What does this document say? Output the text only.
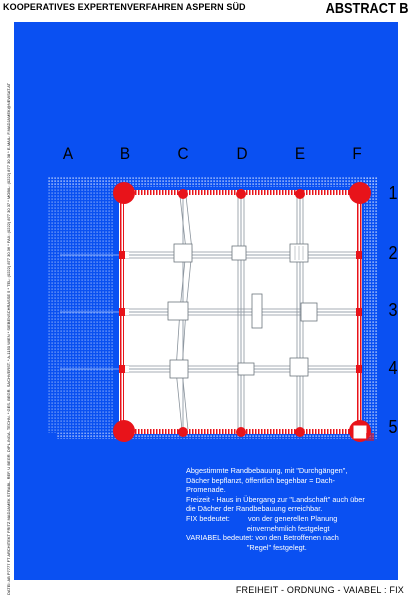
KOOPERATIVES EXPERTENVERFAHREN ASPERN SÜD	ABSTRACT B
DATEI: AB P7777 FT ARCHITEKT FRITZ MADJAMEK STRABL. REF. U BEGR. DIPL.INGA. TECHN. * GES. BEGR. SACHVERST. * A-1150 WIEN * SIEBENSCHRASSE 5 * TEL: (0222) 877 30 36 * FAX: (0222) 877 30 37 * MOBIL: (0222) 877 30 38 * E-MAIL: F.MADJAMEK@NEWSAT.AT	A	B	C	D	E	F
1
2
3
4
5
Abgestimmte Randbebauung, mit "Durchgängen",
Dächer bepflanzt, öffentlich begehbar = Dach-
Promenade.
Freizeit - Haus in Übergang zur "Landschaft" auch über
die Dächer der Randbebauung erreichbar.
FIX bedeutet:         von der generellen Planung
einvernehmlich festgelegt
VARIABEL bedeutet: von den Betroffenen nach
"Regel" festgelegt.
FREIHEIT - ORDNUNG - VAIABEL : FIX
